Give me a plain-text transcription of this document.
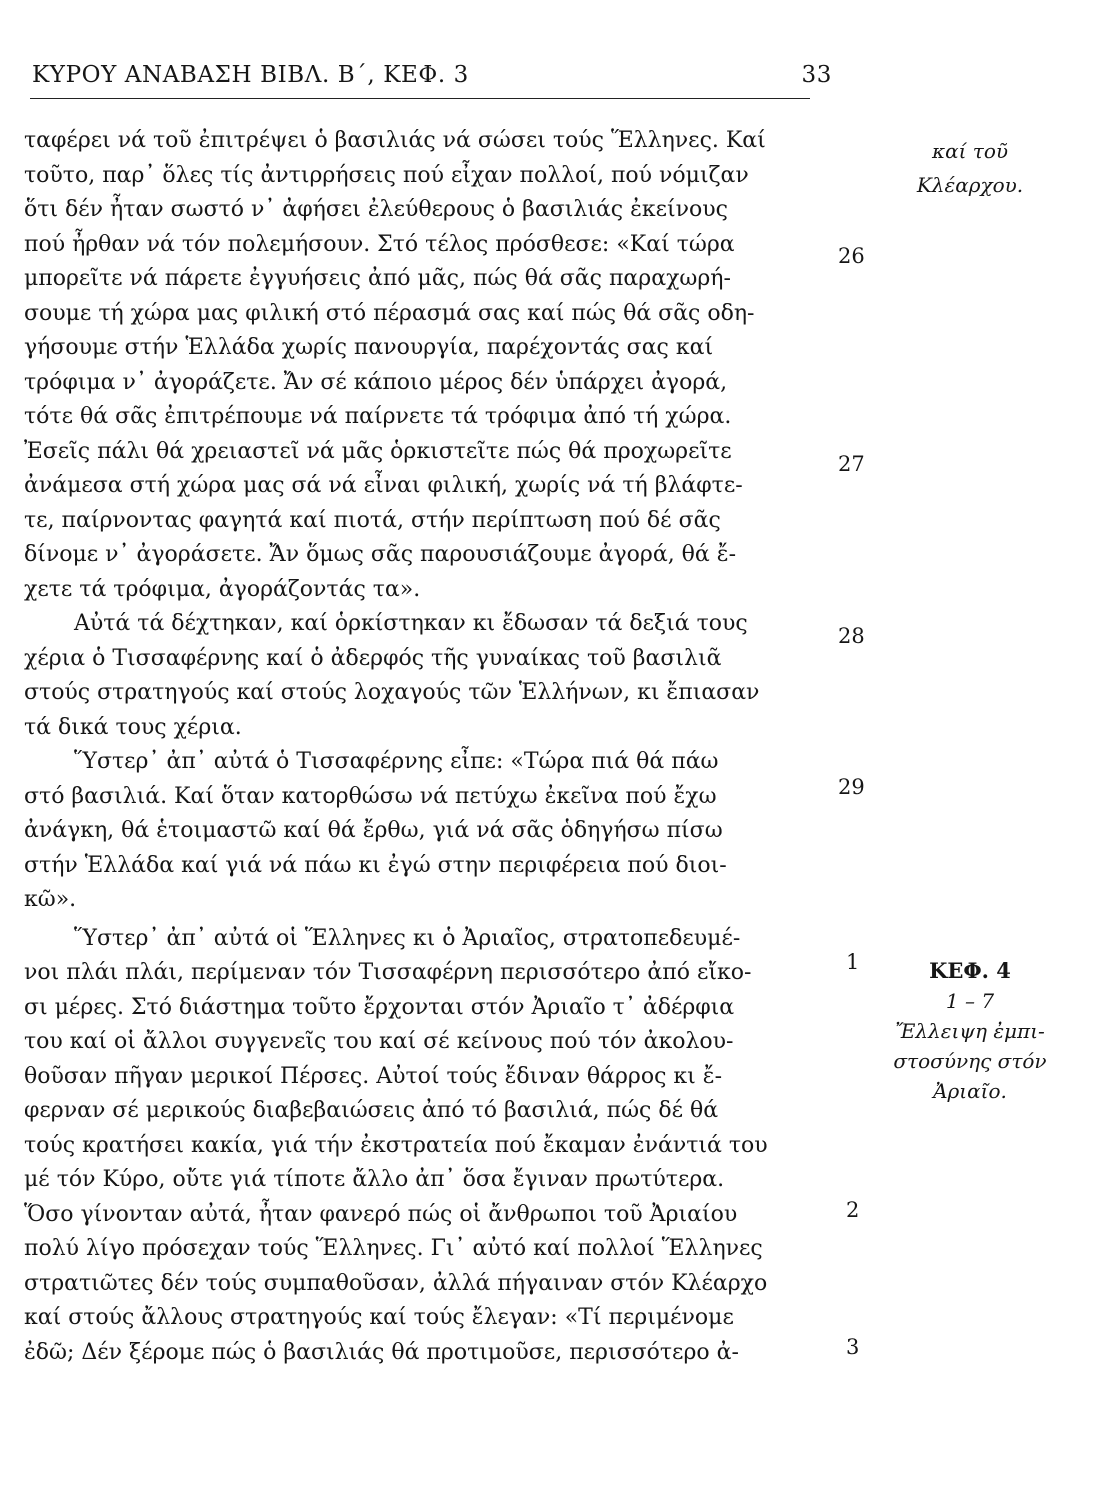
ΚΥΡΟΥ ΑΝΑΒΑΣΗ ΒΙΒΛ. Β΄, ΚΕΦ. 3	33

ταφέρει νά τοῦ ἐπιτρέψει ὁ βασιλιάς νά σώσει τούς Ἕλληνες. Καί
τοῦτο, παρ᾿ ὅλες τίς ἀντιρρήσεις πού εἶχαν πολλοί, πού νόμιζαν
ὅτι δέν ἦταν σωστό ν᾿ ἀφήσει ἐλεύθερους ὁ βασιλιάς ἐκείνους
πού ἦρθαν νά τόν πολεμήσουν. Στό τέλος πρόσθεσε: «Καί τώρα
μπορεῖτε νά πάρετε ἐγγυήσεις ἀπό μᾶς, πώς θά σᾶς παραχωρή-
σουμε τή χώρα μας φιλική στό πέρασμά σας καί πώς θά σᾶς οδη-
γήσουμε στήν Ἑλλάδα χωρίς πανουργία, παρέχοντάς σας καί
τρόφιμα ν᾿ ἀγοράζετε. Ἄν σέ κάποιο μέρος δέν ὑπάρχει ἀγορά,
τότε θά σᾶς ἐπιτρέπουμε νά παίρνετε τά τρόφιμα ἀπό τή χώρα.
Ἐσεῖς πάλι θά χρειαστεῖ νά μᾶς ὁρκιστεῖτε πώς θά προχωρεῖτε
ἀνάμεσα στή χώρα μας σά νά εἶναι φιλική, χωρίς νά τή βλάφτε-
τε, παίρνοντας φαγητά καί πιοτά, στήν περίπτωση πού δέ σᾶς
δίνομε ν᾿ ἀγοράσετε. Ἄν ὅμως σᾶς παρουσιάζουμε ἀγορά, θά ἔ-
χετε τά τρόφιμα, ἀγοράζοντάς τα».

Αὐτά τά δέχτηκαν, καί ὁρκίστηκαν κι ἔδωσαν τά δεξιά τους
χέρια ὁ Τισσαφέρνης καί ὁ ἀδερφός τῆς γυναίκας τοῦ βασιλιᾶ
στούς στρατηγούς καί στούς λοχαγούς τῶν Ἑλλήνων, κι ἔπιασαν
τά δικά τους χέρια.

Ὕστερ᾿ ἀπ᾿ αὐτά ὁ Τισσαφέρνης εἶπε: «Τώρα πιά θά πάω
στό βασιλιά. Καί ὅταν κατορθώσω νά πετύχω ἐκεῖνα πού ἔχω
ἀνάγκη, θά ἑτοιμαστῶ καί θά ἔρθω, γιά νά σᾶς ὁδηγήσω πίσω
στήν Ἑλλάδα καί γιά νά πάω κι ἐγώ στην περιφέρεια πού διοι-
κῶ».

Ὕστερ᾿ ἀπ᾿ αὐτά οἱ Ἕλληνες κι ὁ Ἀριαῖος, στρατοπεδευμέ-
νοι πλάι πλάι, περίμεναν τόν Τισσαφέρνη περισσότερο ἀπό εἴκο-
σι μέρες. Στό διάστημα τοῦτο ἔρχονται στόν Ἀριαῖο τ᾿ ἀδέρφια
του καί οἱ ἄλλοι συγγενεῖς του καί σέ κείνους πού τόν ἀκολου-
θοῦσαν πῆγαν μερικοί Πέρσες. Αὐτοί τούς ἔδιναν θάρρος κι ἔ-
φερναν σέ μερικούς διαβεβαιώσεις ἀπό τό βασιλιά, πώς δέ θά
τούς κρατήσει κακία, γιά τήν ἐκστρατεία πού ἔκαμαν ἐνάντιά του
μέ τόν Κύρο, οὔτε γιά τίποτε ἄλλο ἀπ᾿ ὅσα ἔγιναν πρωτύτερα.
Ὅσο γίνονταν αὐτά, ἦταν φανερό πώς οἱ ἄνθρωποι τοῦ Ἀριαίου
πολύ λίγο πρόσεχαν τούς Ἕλληνες. Γι᾿ αὐτό καί πολλοί Ἕλληνες
στρατιῶτες δέν τούς συμπαθοῦσαν, ἀλλά πήγαιναν στόν Κλέαρχο
καί στούς ἄλλους στρατηγούς καί τούς ἔλεγαν: «Τί περιμένομε
ἐδῶ; Δέν ξέρομε πώς ὁ βασιλιάς θά προτιμοῦσε, περισσότερο ἀ-

26
27
28
29
1
2
3
καί τοῦ
Κλέαρχου.
ΚΕΦ. 4
1 – 7
Ἔλλειψη ἐμπι-
στοσύνης στόν
Ἀριαῖο.
